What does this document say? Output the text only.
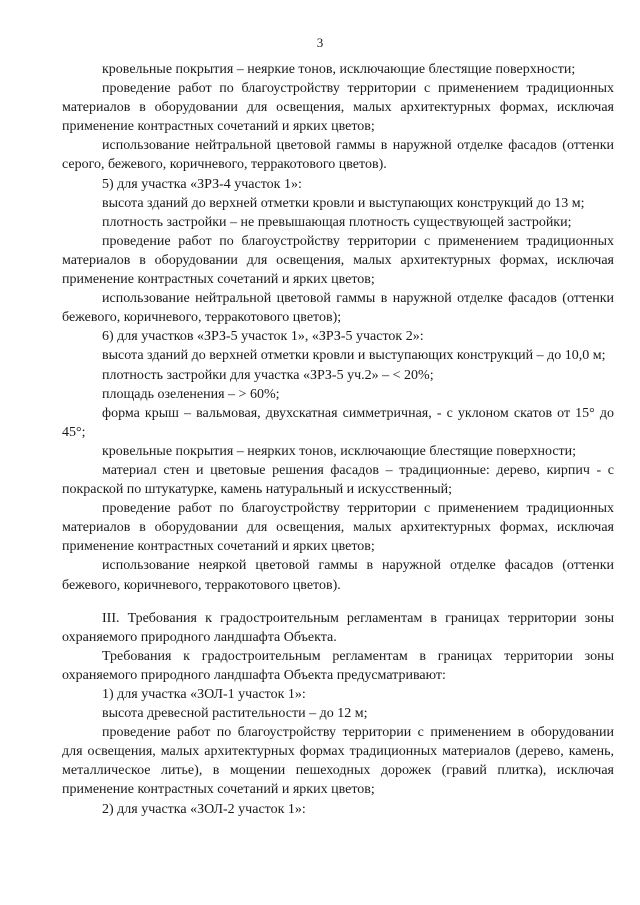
3

кровельные покрытия – неяркие тонов, исключающие блестящие поверхности;

проведение работ по благоустройству территории с применением традиционных материалов в оборудовании для освещения, малых архитектурных формах, исключая применение контрастных сочетаний и ярких цветов;

использование нейтральной цветовой гаммы в наружной отделке фасадов (оттенки серого, бежевого, коричневого, терракотового цветов).

5) для участка «ЗРЗ-4 участок 1»:

высота зданий до верхней отметки кровли и выступающих конструкций до 13 м;

плотность застройки – не превышающая плотность существующей застройки;

проведение работ по благоустройству территории с применением традиционных материалов в оборудовании для освещения, малых архитектурных формах, исключая применение контрастных сочетаний и ярких цветов;

использование нейтральной цветовой гаммы в наружной отделке фасадов (оттенки бежевого, коричневого, терракотового цветов);

6) для участков «ЗРЗ-5 участок 1», «ЗРЗ-5 участок 2»:

высота зданий до верхней отметки кровли и выступающих конструкций – до 10,0 м;

плотность застройки для участка «ЗРЗ-5 уч.2» – < 20%;

площадь озеленения – > 60%;

форма крыш – вальмовая, двухскатная симметричная, - с уклоном скатов от 15° до 45°;

кровельные покрытия – неярких тонов, исключающие блестящие поверхности;

материал стен и цветовые решения фасадов – традиционные: дерево, кирпич - с покраской по штукатурке, камень натуральный и искусственный;

проведение работ по благоустройству территории с применением традиционных материалов в оборудовании для освещения, малых архитектурных формах, исключая применение контрастных сочетаний и ярких цветов;

использование неяркой цветовой гаммы в наружной отделке фасадов (оттенки бежевого, коричневого, терракотового цветов).

III. Требования к градостроительным регламентам в границах территории зоны охраняемого природного ландшафта Объекта.

Требования к градостроительным регламентам в границах территории зоны охраняемого природного ландшафта Объекта предусматривают:

1) для участка «ЗОЛ-1 участок 1»:

высота древесной растительности – до 12 м;

проведение работ по благоустройству территории с применением в оборудовании для освещения, малых архитектурных формах традиционных материалов (дерево, камень, металлическое литье), в мощении пешеходных дорожек (гравий плитка), исключая применение контрастных сочетаний и ярких цветов;

2) для участка «ЗОЛ-2 участок 1»:
